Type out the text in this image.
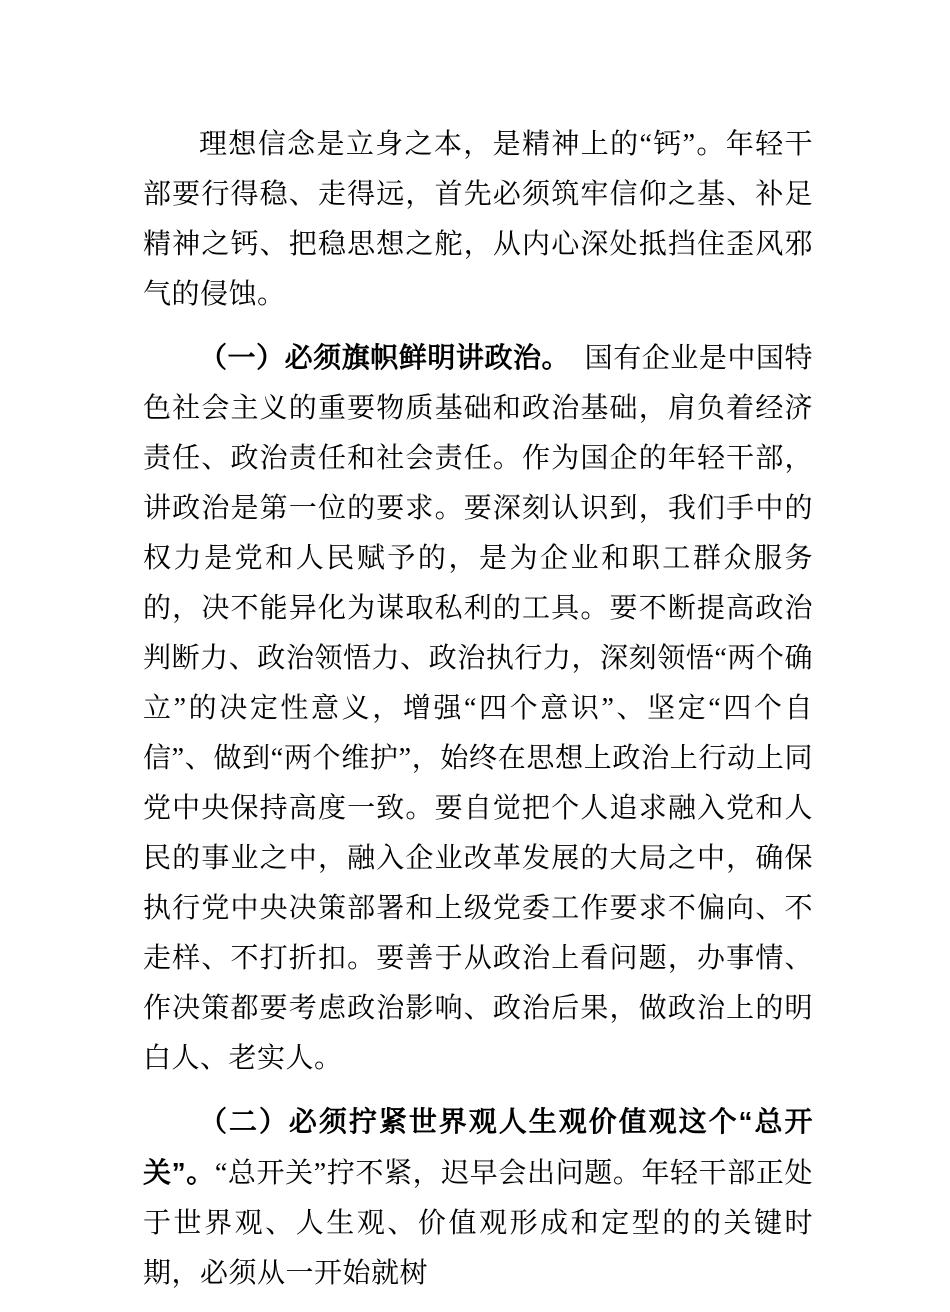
理想信念是立身之本，是精神上的“钙”。年轻干部要行得稳、走得远，首先必须筑牢信仰之基、补足精神之钙、把稳思想之舵，从内心深处抵挡住歪风邪气的侵蚀。

（一）必须旗帜鲜明讲政治。　国有企业是中国特色社会主义的重要物质基础和政治基础，肩负着经济责任、政治责任和社会责任。作为国企的年轻干部，讲政治是第一位的要求。要深刻认识到，我们手中的权力是党和人民赋予的，是为企业和职工群众服务的，决不能异化为谋取私利的工具。要不断提高政治判断力、政治领悟力、政治执行力，深刻领悟“两个确立”的决定性意义，增强“四个意识”、坚定“四个自信”、做到“两个维护”，始终在思想上政治上行动上同党中央保持高度一致。要自觉把个人追求融入党和人民的事业之中，融入企业改革发展的大局之中，确保执行党中央决策部署和上级党委工作要求不偏向、不走样、不打折扣。要善于从政治上看问题，办事情、作决策都要考虑政治影响、政治后果，做政治上的明白人、老实人。

（二）必须拧紧世界观人生观价值观这个“总开关”。“总开关”拧不紧，迟早会出问题。年轻干部正处于世界观、人生观、价值观形成和定型的的关键时期，必须从一开始就树
